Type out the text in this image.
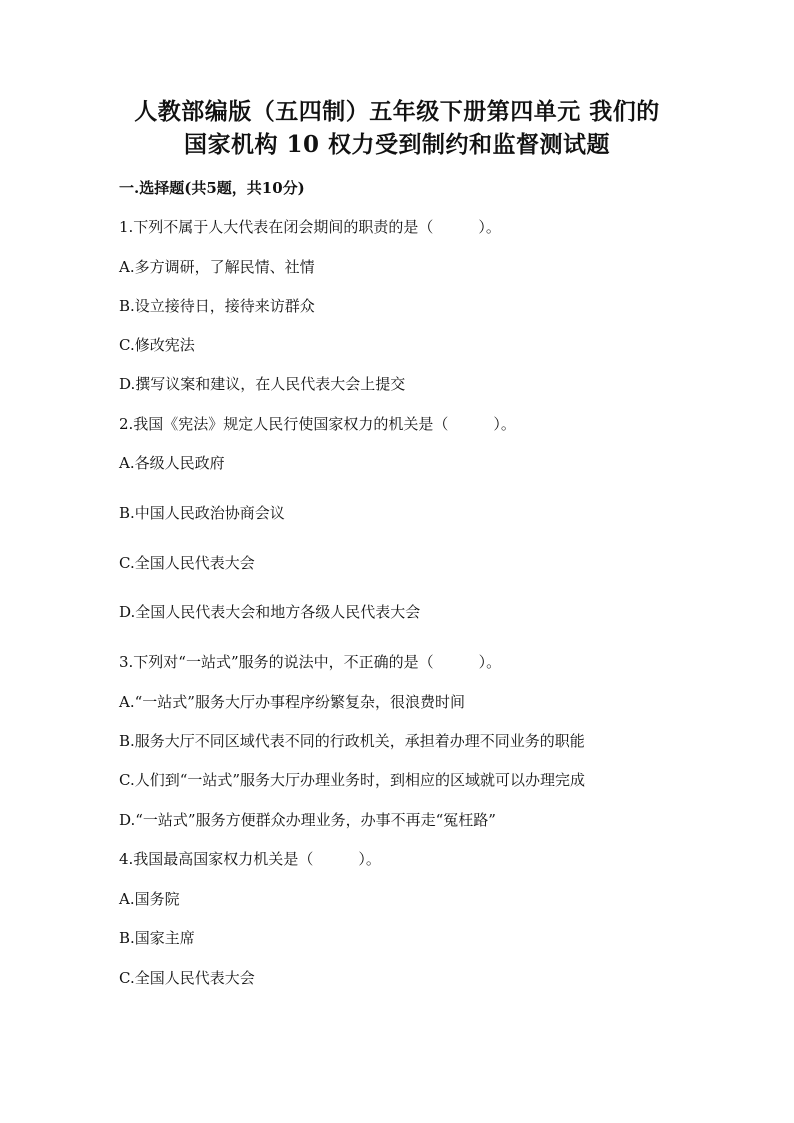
人教部编版（五四制）五年级下册第四单元 我们的
国家机构 10 权力受到制约和监督测试题
一.选择题(共5题，共10分)
1.下列不属于人大代表在闭会期间的职责的是（　　　）。
A.多方调研，了解民情、社情
B.设立接待日，接待来访群众
C.修改宪法
D.撰写议案和建议，在人民代表大会上提交
2.我国《宪法》规定人民行使国家权力的机关是（　　　）。
A.各级人民政府
B.中国人民政治协商会议
C.全国人民代表大会
D.全国人民代表大会和地方各级人民代表大会
3.下列对“一站式”服务的说法中，不正确的是（　　　）。
A.“一站式”服务大厅办事程序纷繁复杂，很浪费时间
B.服务大厅不同区域代表不同的行政机关，承担着办理不同业务的职能
C.人们到“一站式”服务大厅办理业务时，到相应的区域就可以办理完成
D.“一站式”服务方便群众办理业务，办事不再走“冤枉路”
4.我国最高国家权力机关是（　　　）。
A.国务院
B.国家主席
C.全国人民代表大会
